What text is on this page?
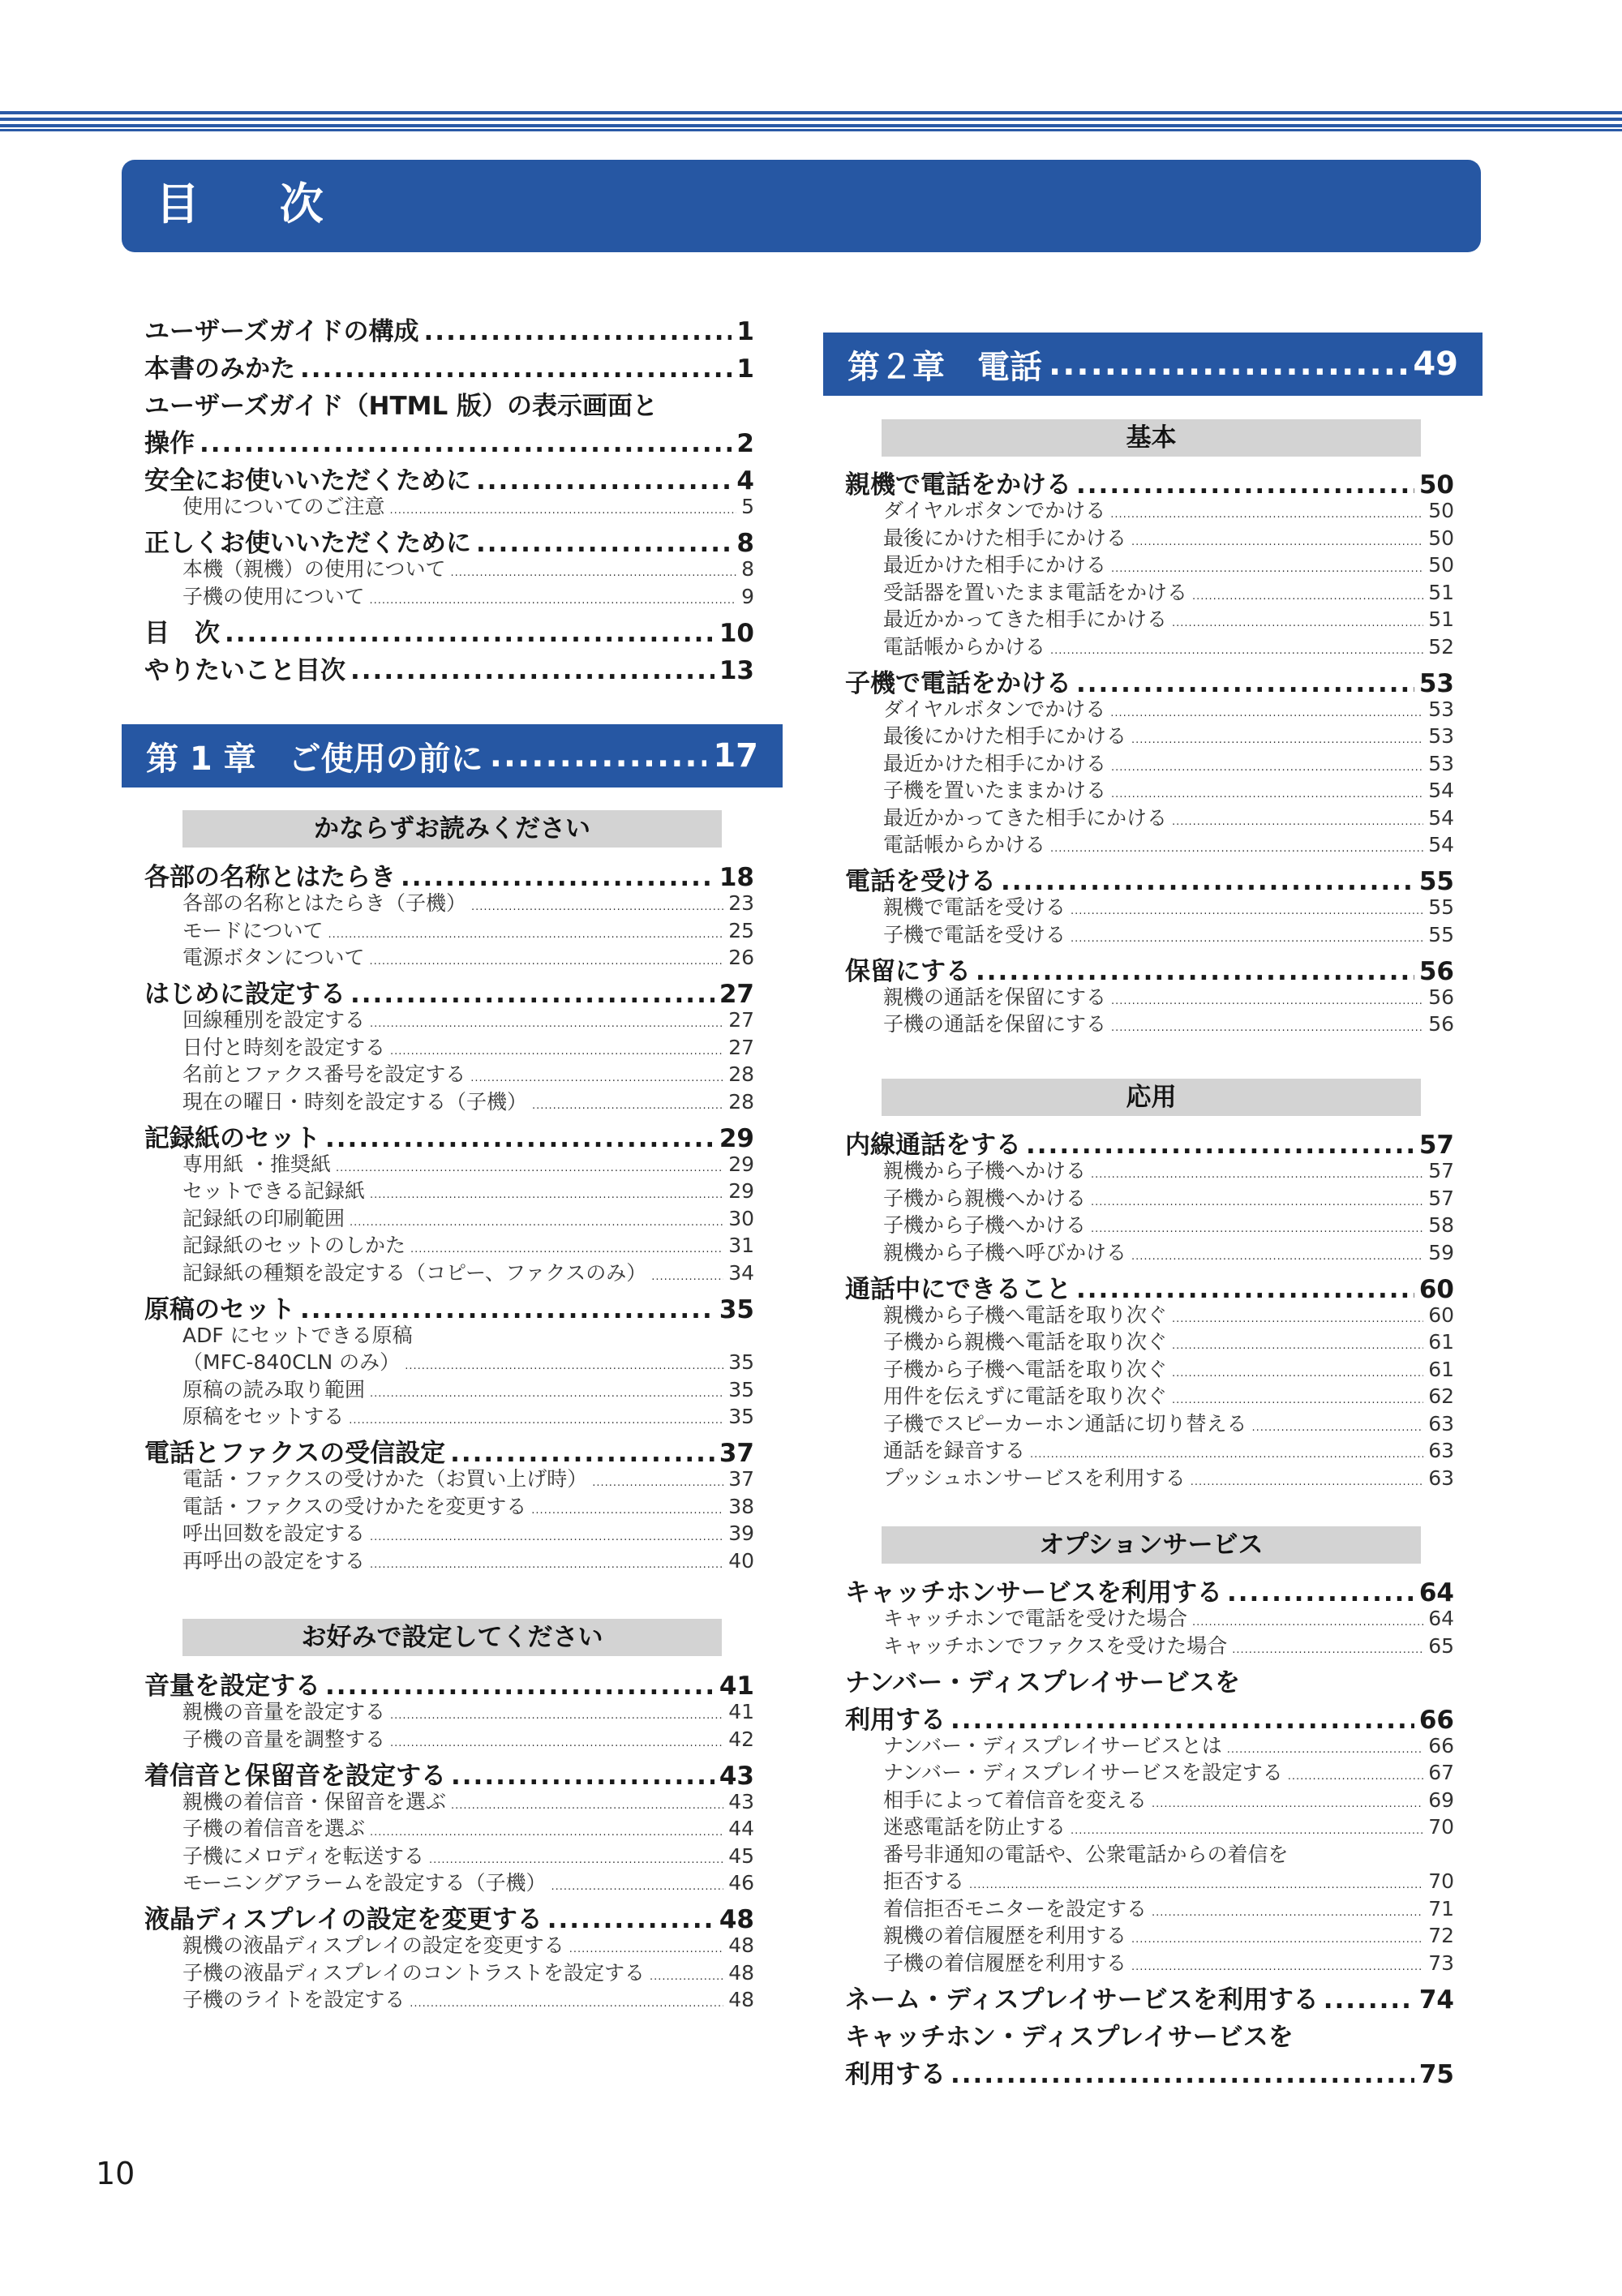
目 次
ユーザーズガイドの構成 .....	1
本書のみかた .....	1
ユーザーズガイド（HTML 版）の表示画面と
操作 .....	2
安全にお使いいただくために .....	4
使用についてのご注意 .....	5
正しくお使いいただくために .....	8
本機（親機）の使用について .....	8
子機の使用について .....	9
目　次 .....	10
やりたいこと目次 .....	13
第 1 章　ご使用の前に .....	17
かならずお読みください
各部の名称とはたらき .....	18
各部の名称とはたらき（子機） .....	23
モードについて .....	25
電源ボタンについて .....	26
はじめに設定する .....	27
回線種別を設定する .....	27
日付と時刻を設定する .....	27
名前とファクス番号を設定する .....	28
現在の曜日・時刻を設定する（子機） .....	28
記録紙のセット .....	29
専用紙 ・推奨紙 .....	29
セットできる記録紙 .....	29
記録紙の印刷範囲 .....	30
記録紙のセットのしかた .....	31
記録紙の種類を設定する（コピー、ファクスのみ） .....	34
原稿のセット .....	35
ADF にセットできる原稿
（MFC-840CLN のみ） .....	35
原稿の読み取り範囲 .....	35
原稿をセットする .....	35
電話とファクスの受信設定 .....	37
電話・ファクスの受けかた（お買い上げ時） .....	37
電話・ファクスの受けかたを変更する .....	38
呼出回数を設定する .....	39
再呼出の設定をする .....	40
お好みで設定してください
音量を設定する .....	41
親機の音量を設定する .....	41
子機の音量を調整する .....	42
着信音と保留音を設定する .....	43
親機の着信音・保留音を選ぶ .....	43
子機の着信音を選ぶ .....	44
子機にメロディを転送する .....	45
モーニングアラームを設定する（子機） .....	46
液晶ディスプレイの設定を変更する .....	48
親機の液晶ディスプレイの設定を変更する .....	48
子機の液晶ディスプレイのコントラストを設定する .....	48
子機のライトを設定する .....	48
第２章　電話 .....	49
基本
親機で電話をかける .....	50
ダイヤルボタンでかける .....	50
最後にかけた相手にかける .....	50
最近かけた相手にかける .....	50
受話器を置いたまま電話をかける .....	51
最近かかってきた相手にかける .....	51
電話帳からかける .....	52
子機で電話をかける .....	53
ダイヤルボタンでかける .....	53
最後にかけた相手にかける .....	53
最近かけた相手にかける .....	53
子機を置いたままかける .....	54
最近かかってきた相手にかける .....	54
電話帳からかける .....	54
電話を受ける .....	55
親機で電話を受ける .....	55
子機で電話を受ける .....	55
保留にする .....	56
親機の通話を保留にする .....	56
子機の通話を保留にする .....	56
応用
内線通話をする .....	57
親機から子機へかける .....	57
子機から親機へかける .....	57
子機から子機へかける .....	58
親機から子機へ呼びかける .....	59
通話中にできること .....	60
親機から子機へ電話を取り次ぐ .....	60
子機から親機へ電話を取り次ぐ .....	61
子機から子機へ電話を取り次ぐ .....	61
用件を伝えずに電話を取り次ぐ .....	62
子機でスピーカーホン通話に切り替える .....	63
通話を録音する .....	63
プッシュホンサービスを利用する .....	63
オプションサービス
キャッチホンサービスを利用する .....	64
キャッチホンで電話を受けた場合 .....	64
キャッチホンでファクスを受けた場合 .....	65
ナンバー・ディスプレイサービスを
利用する .....	66
ナンバー・ディスプレイサービスとは .....	66
ナンバー・ディスプレイサービスを設定する .....	67
相手によって着信音を変える .....	69
迷惑電話を防止する .....	70
番号非通知の電話や、公衆電話からの着信を
拒否する .....	70
着信拒否モニターを設定する .....	71
親機の着信履歴を利用する .....	72
子機の着信履歴を利用する .....	73
ネーム・ディスプレイサービスを利用する .....	74
キャッチホン・ディスプレイサービスを
利用する .....	75
10
